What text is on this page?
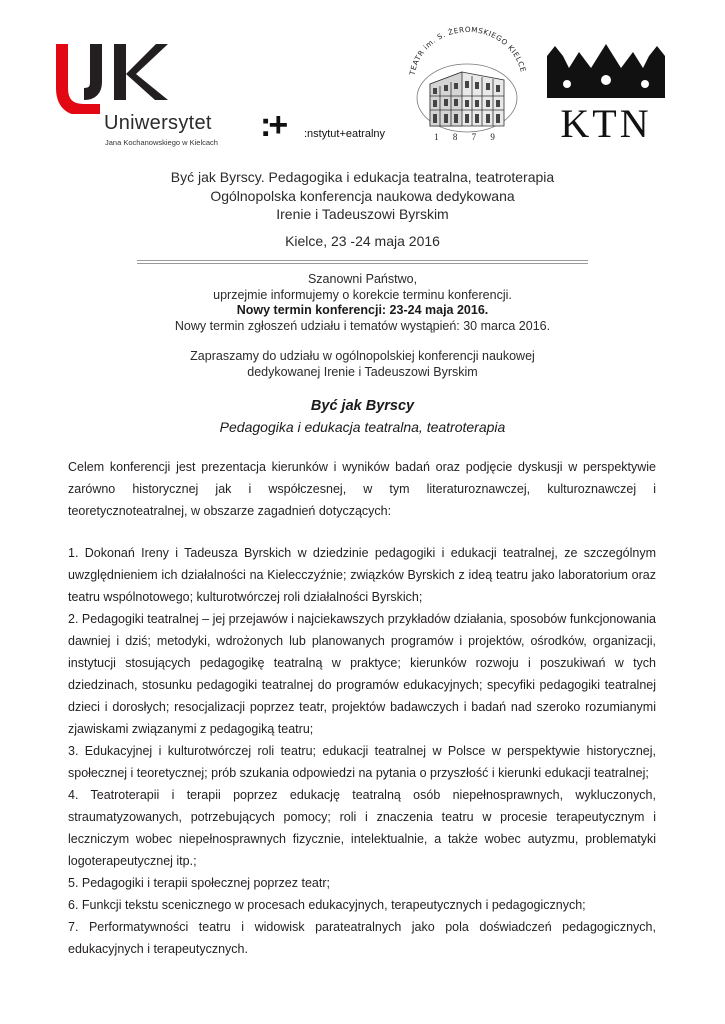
Uniwersytet
Jana Kochanowskiego w Kielcach :+ :nstytut+eatralny
TEATR im. S. ŻEROMSKIEGO KIELCE
1 8 7 9	KTN
Być jak Byrscy. Pedagogika i edukacja teatralna, teatroterapia
Ogólnopolska konferencja naukowa dedykowana
Irenie i Tadeuszowi Byrskim
Kielce, 23 -24 maja 2016
Szanowni Państwo,
uprzejmie informujemy o korekcie terminu konferencji.
Nowy termin konferencji: 23-24 maja 2016.
Nowy termin zgłoszeń udziału i tematów wystąpień: 30 marca 2016.
Zapraszamy do udziału w ogólnopolskiej konferencji naukowej
dedykowanej Irenie i Tadeuszowi Byrskim
Być jak Byrscy
Pedagogika i edukacja teatralna, teatroterapia
Celem konferencji jest prezentacja kierunków i wyników badań oraz podjęcie dyskusji w perspektywie zarówno historycznej jak i współczesnej, w tym literaturoznawczej, kulturoznawczej i teoretycznoteatralnej, w obszarze zagadnień dotyczących:

1. Dokonań Ireny i Tadeusza Byrskich w dziedzinie pedagogiki i edukacji teatralnej, ze szczególnym uwzględnieniem ich działalności na Kielecczyźnie; związków Byrskich z ideą teatru jako laboratorium oraz teatru wspólnotowego; kulturotwórczej roli działalności Byrskich;

2. Pedagogiki teatralnej – jej przejawów i najciekawszych przykładów działania, sposobów funkcjonowania dawniej i dziś; metodyki, wdrożonych lub planowanych programów i projektów, ośrodków, organizacji, instytucji stosujących pedagogikę teatralną w praktyce; kierunków rozwoju i poszukiwań w tych dziedzinach, stosunku pedagogiki teatralnej do programów edukacyjnych; specyfiki pedagogiki teatralnej dzieci i dorosłych; resocjalizacji poprzez teatr, projektów badawczych i badań nad szeroko rozumianymi zjawiskami związanymi z pedagogiką teatru;

3. Edukacyjnej i kulturotwórczej roli teatru; edukacji teatralnej w Polsce w perspektywie historycznej, społecznej i teoretycznej; prób szukania odpowiedzi na pytania o przyszłość i kierunki edukacji teatralnej;

4. Teatroterapii i terapii poprzez edukację teatralną osób niepełnosprawnych, wykluczonych, straumatyzowanych, potrzebujących pomocy; roli i znaczenia teatru w procesie terapeutycznym i leczniczym wobec niepełnosprawnych fizycznie, intelektualnie, a także wobec autyzmu, problematyki logoterapeutycznej itp.;

5. Pedagogiki i terapii społecznej poprzez teatr;

6. Funkcji tekstu scenicznego w procesach edukacyjnych, terapeutycznych i pedagogicznych;

7. Performatywności teatru i widowisk parateatralnych jako pola doświadczeń pedagogicznych, edukacyjnych i terapeutycznych.
